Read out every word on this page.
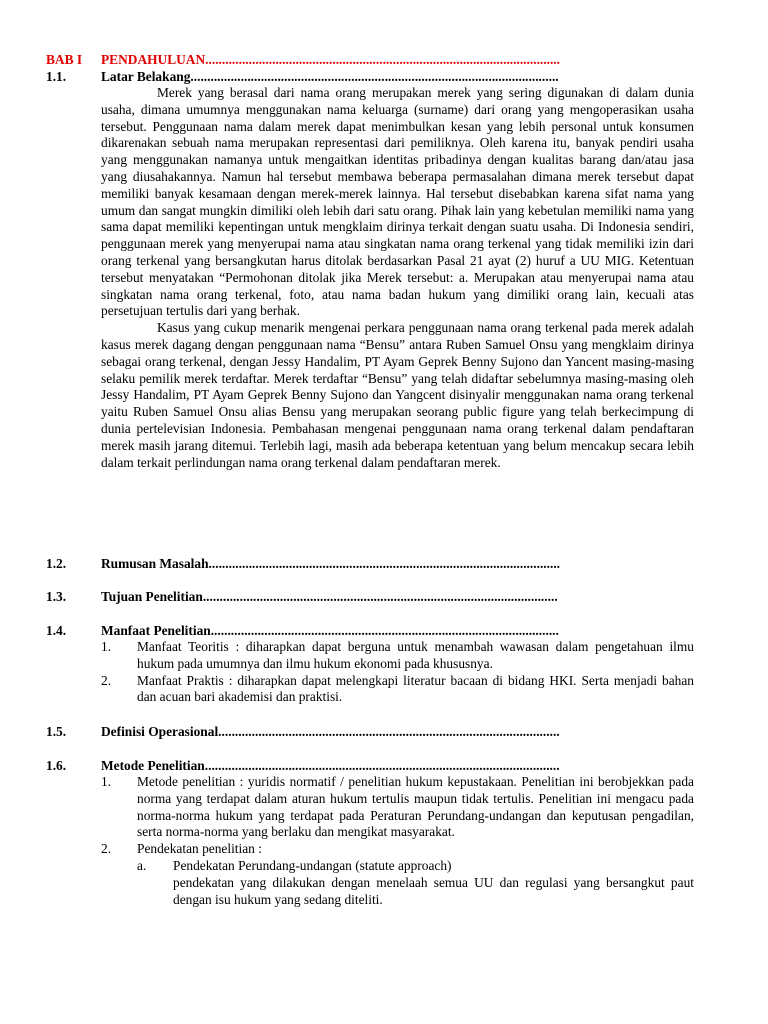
BAB I PENDAHULUAN..........................................................................................................
1.1.	Latar Belakang..............................................................................................................

Merek yang berasal dari nama orang merupakan merek yang sering digunakan di dalam dunia usaha, dimana umumnya menggunakan nama keluarga (surname) dari orang yang mengoperasikan usaha tersebut. Penggunaan nama dalam merek dapat menimbulkan kesan yang lebih personal untuk konsumen dikarenakan sebuah nama merupakan representasi dari pemiliknya. Oleh karena itu, banyak pendiri usaha yang menggunakan namanya untuk mengaitkan identitas pribadinya dengan kualitas barang dan/atau jasa yang diusahakannya. Namun hal tersebut membawa beberapa permasalahan dimana merek tersebut dapat memiliki banyak kesamaan dengan merek-merek lainnya. Hal tersebut disebabkan karena sifat nama yang umum dan sangat mungkin dimiliki oleh lebih dari satu orang. Pihak lain yang kebetulan memiliki nama yang sama dapat memiliki kepentingan untuk mengklaim dirinya terkait dengan suatu usaha. Di Indonesia sendiri, penggunaan merek yang menyerupai nama atau singkatan nama orang terkenal yang tidak memiliki izin dari orang terkenal yang bersangkutan harus ditolak berdasarkan Pasal 21 ayat (2) huruf a UU MIG. Ketentuan tersebut menyatakan “Permohonan ditolak jika Merek tersebut: a. Merupakan atau menyerupai nama atau singkatan nama orang terkenal, foto, atau nama badan hukum yang dimiliki orang lain, kecuali atas persetujuan tertulis dari yang berhak.

Kasus yang cukup menarik mengenai perkara penggunaan nama orang terkenal pada merek adalah kasus merek dagang dengan penggunaan nama “Bensu” antara Ruben Samuel Onsu yang mengklaim dirinya sebagai orang terkenal, dengan Jessy Handalim, PT Ayam Geprek Benny Sujono dan Yancent masing-masing selaku pemilik merek terdaftar. Merek terdaftar “Bensu” yang telah didaftar sebelumnya masing-masing oleh Jessy Handalim, PT Ayam Geprek Benny Sujono dan Yangcent disinyalir menggunakan nama orang terkenal yaitu Ruben Samuel Onsu alias Bensu yang merupakan seorang public figure yang telah berkecimpung di dunia pertelevisian Indonesia. Pembahasan mengenai penggunaan nama orang terkenal dalam pendaftaran merek masih jarang ditemui. Terlebih lagi, masih ada beberapa ketentuan yang belum mencakup secara lebih dalam terkait perlindungan nama orang terkenal dalam pendaftaran merek.

1.2.	Rumusan Masalah.........................................................................................................
1.3.	Tujuan Penelitian..........................................................................................................
1.4.	Manfaat Penelitian........................................................................................................
1. Manfaat Teoritis : diharapkan dapat berguna untuk menambah wawasan dalam pengetahuan ilmu hukum pada umumnya dan ilmu hukum ekonomi pada khususnya.
2. Manfaat Praktis : diharapkan dapat melengkapi literatur bacaan di bidang HKI. Serta menjadi bahan dan acuan bari akademisi dan praktisi.
1.5.	Definisi Operasional......................................................................................................
1.6.	Metode Penelitian..........................................................................................................
1. Metode penelitian : yuridis normatif / penelitian hukum kepustakaan. Penelitian ini berobjekkan pada norma yang terdapat dalam aturan hukum tertulis maupun tidak tertulis. Penelitian ini mengacu pada norma-norma hukum yang terdapat pada Peraturan Perundang-undangan dan keputusan pengadilan, serta norma-norma yang berlaku dan mengikat masyarakat.
2. Pendekatan penelitian :
a. Pendekatan Perundang-undangan (statute approach)
pendekatan yang dilakukan dengan menelaah semua UU dan regulasi yang bersangkut paut dengan isu hukum yang sedang diteliti.
